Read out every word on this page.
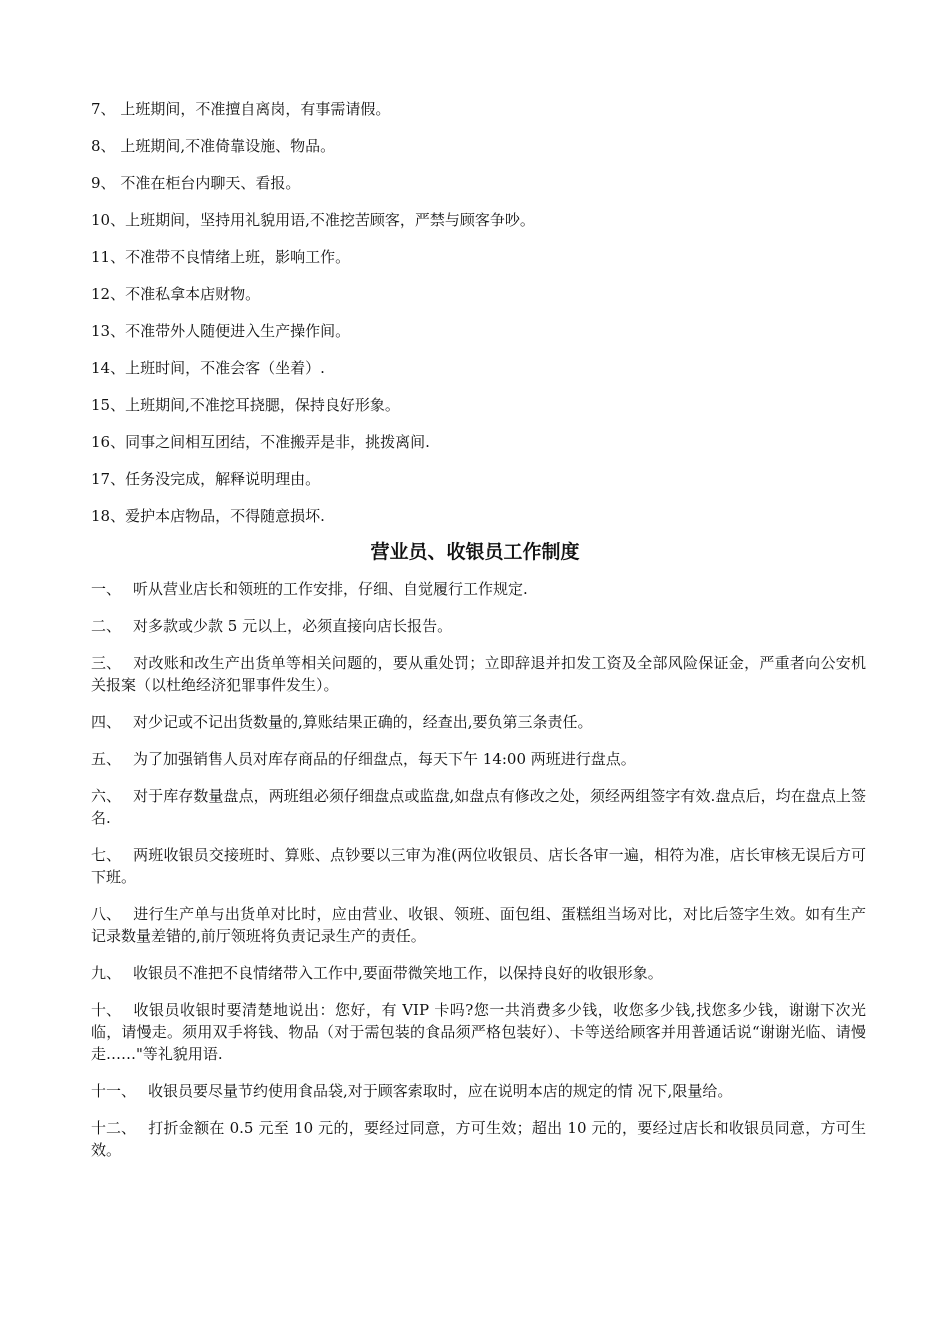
7、 上班期间，不准擅自离岗，有事需请假。
8、 上班期间,不准倚靠设施、物品。
9、 不准在柜台内聊天、看报。
10、上班期间，坚持用礼貌用语,不准挖苦顾客，严禁与顾客争吵。
11、不准带不良情绪上班，影响工作。
12、不准私拿本店财物。
13、不准带外人随便进入生产操作间。
14、上班时间，不准会客（坐着）.
15、上班期间,不准挖耳挠腮，保持良好形象。
16、同事之间相互团结，不准搬弄是非，挑拨离间.
17、任务没完成，解释说明理由。
18、爱护本店物品，不得随意损坏.
营业员、收银员工作制度

一、 听从营业店长和领班的工作安排，仔细、自觉履行工作规定.

二、 对多款或少款 5 元以上，必须直接向店长报告。

三、 对改账和改生产出货单等相关问题的，要从重处罚；立即辞退并扣发工资及全部风险保证金，严重者向公安机关报案（以杜绝经济犯罪事件发生）。

四、 对少记或不记出货数量的,算账结果正确的，经查出,要负第三条责任。

五、 为了加强销售人员对库存商品的仔细盘点，每天下午 14:00 两班进行盘点。

六、 对于库存数量盘点，两班组必须仔细盘点或监盘,如盘点有修改之处，须经两组签字有效.盘点后，均在盘点上签名.

七、 两班收银员交接班时、算账、点钞要以三审为准(两位收银员、店长各审一遍，相符为准，店长审核无误后方可下班。

八、 进行生产单与出货单对比时，应由营业、收银、领班、面包组、蛋糕组当场对比，对比后签字生效。如有生产记录数量差错的,前厅领班将负责记录生产的责任。

九、 收银员不准把不良情绪带入工作中,要面带微笑地工作，以保持良好的收银形象。

十、 收银员收银时要清楚地说出：您好，有 VIP 卡吗?您一共消费多少钱，收您多少钱,找您多少钱，谢谢下次光临，请慢走。须用双手将钱、物品（对于需包装的食品须严格包装好）、卡等送给顾客并用普通话说“谢谢光临、请慢走……"等礼貌用语.

十一、 收银员要尽量节约使用食品袋,对于顾客索取时，应在说明本店的规定的情 况下,限量给。

十二、 打折金额在 0.5 元至 10 元的，要经过同意，方可生效；超出 10 元的，要经过店长和收银员同意，方可生效。
